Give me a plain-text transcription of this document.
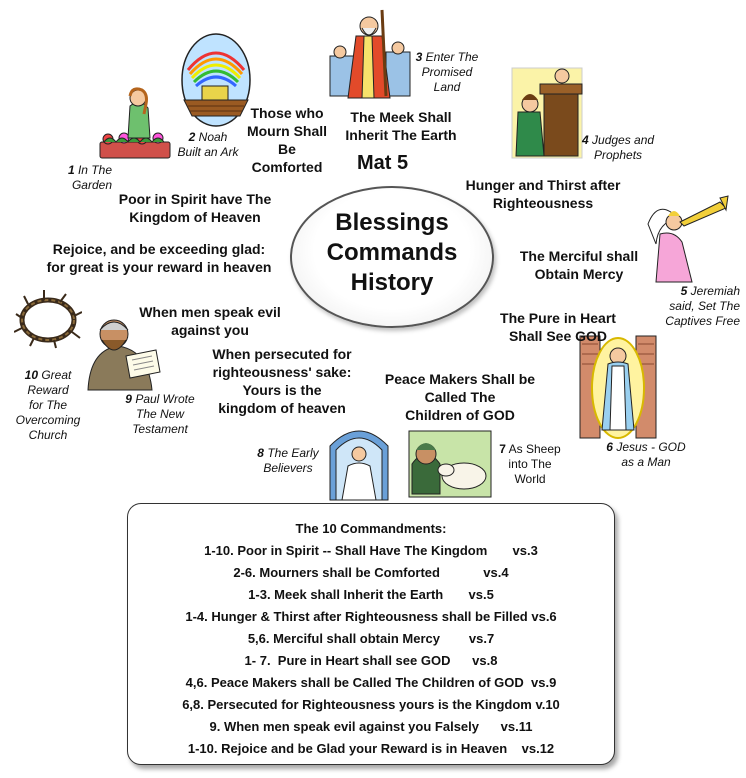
Mat 5
Blessings
Commands
History
1 In The
Garden
2 Noah
Built an Ark
3 Enter The
Promised
Land
4 Judges and
Prophets
5 Jeremiah
said, Set The
Captives Free
6 Jesus - GOD
as a Man
7 As Sheep
into The
World
8 The Early
Believers
9 Paul Wrote
The New
Testament
10 Great
Reward
for The
Overcoming
Church
Poor in Spirit have The
Kingdom of Heaven
Those who
Mourn Shall
Be
Comforted
The Meek Shall
Inherit The Earth
Hunger and Thirst after
Righteousness
The Merciful shall
Obtain Mercy
The Pure in Heart
Shall See GOD
Peace Makers Shall be
Called The
Children of GOD
When persecuted for
righteousness' sake:
Yours is the
kingdom of heaven
When men speak evil
against you
Rejoice, and be exceeding glad:
for great is your reward in heaven
The 10 Commandments:
1-10. Poor in Spirit -- Shall Have The Kingdom       vs.3
2-6. Mourners shall be Comforted            vs.4
1-3. Meek shall Inherit the Earth       vs.5
1-4. Hunger & Thirst after Righteousness shall be Filled vs.6
5,6. Merciful shall obtain Mercy        vs.7
1- 7.  Pure in Heart shall see GOD      vs.8
4,6. Peace Makers shall be Called The Children of GOD  vs.9
6,8. Persecuted for Righteousness yours is the Kingdom v.10
9. When men speak evil against you Falsely      vs.11
1-10. Rejoice and be Glad your Reward is in Heaven    vs.12
